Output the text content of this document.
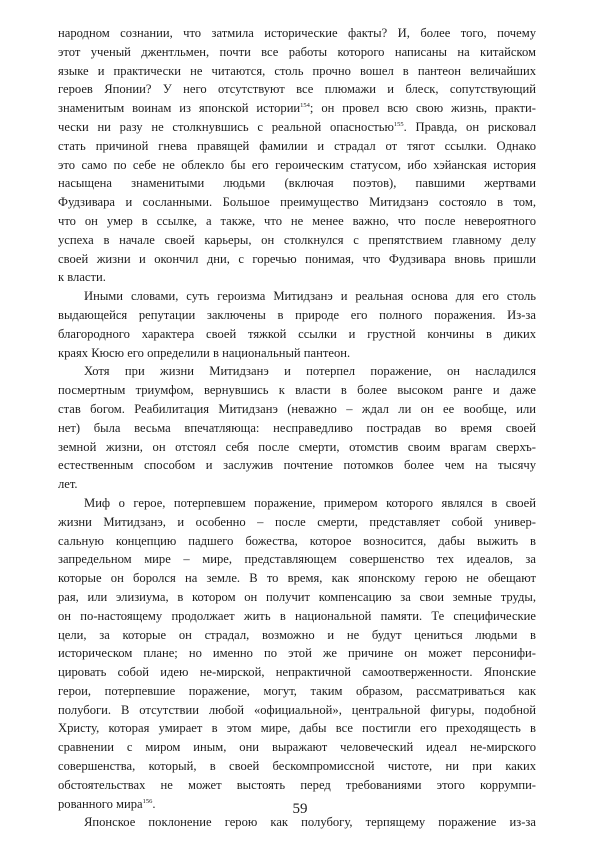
народном сознании, что затмила исторические факты? И, более того, почему
этот ученый джентльмен, почти все работы которого написаны на китайском
языке и практически не читаются, столь прочно вошел в пантеон величайших
героев Японии? У него отсутствуют все плюмажи и блеск, сопутствующий
знаменитым воинам из японской истории$^{154}$; он провел всю свою жизнь, практи-
чески ни разу не столкнувшись с реальной опасностью$^{155}$. Правда, он рисковал
стать причиной гнева правящей фамилии и страдал от тягот ссылки. Однако
это само по себе не облекло бы его героическим статусом, ибо хэйанская история
насыщена знаменитыми людьми (включая поэтов), павшими жертвами
Фудзивара и сосланными. Большое преимущество Митидзанэ состояло в том,
что он умер в ссылке, а также, что не менее важно, что после невероятного
успеха в начале своей карьеры, он столкнулся с препятствием главному делу
своей жизни и окончил дни, с горечью понимая, что Фудзивара вновь пришли
к власти.
Иными словами, суть героизма Митидзанэ и реальная основа для его столь
выдающейся репутации заключены в природе его полного поражения. Из-за
благородного характера своей тяжкой ссылки и грустной кончины в диких
краях Кюсю его определили в национальный пантеон.
Хотя при жизни Митидзанэ и потерпел поражение, он насладился
посмертным триумфом, вернувшись к власти в более высоком ранге и даже
став богом. Реабилитация Митидзанэ (неважно – ждал ли он ее вообще, или
нет) была весьма впечатляюща: несправедливо пострадав во время своей
земной жизни, он отстоял себя после смерти, отомстив своим врагам сверхъ-
естественным способом и заслужив почтение потомков более чем на тысячу
лет.
Миф о герое, потерпевшем поражение, примером которого являлся в своей
жизни Митидзанэ, и особенно – после смерти, представляет собой универ-
сальную концепцию падшего божества, которое возносится, дабы выжить в
запредельном мире – мире, представляющем совершенство тех идеалов, за
которые он боролся на земле. В то время, как японскому герою не обещают
рая, или элизиума, в котором он получит компенсацию за свои земные труды,
он по-настоящему продолжает жить в национальной памяти. Те специфические
цели, за которые он страдал, возможно и не будут цениться людьми в
историческом плане; но именно по этой же причине он может персонифи-
цировать собой идею не-мирской, непрактичной самоотверженности. Японские
герои, потерпевшие поражение, могут, таким образом, рассматриваться как
полубоги. В отсутствии любой «официальной», центральной фигуры, подобной
Христу, которая умирает в этом мире, дабы все постигли его преходящесть в
сравнении с миром иным, они выражают человеческий идеал не-мирского
совершенства, который, в своей бескомпромиссной чистоте, ни при каких
обстоятельствах не может выстоять перед требованиями этого коррумпи-
рованного мира$^{156}$.
Японское поклонение герою как полубогу, терпящему поражение из-за
59
